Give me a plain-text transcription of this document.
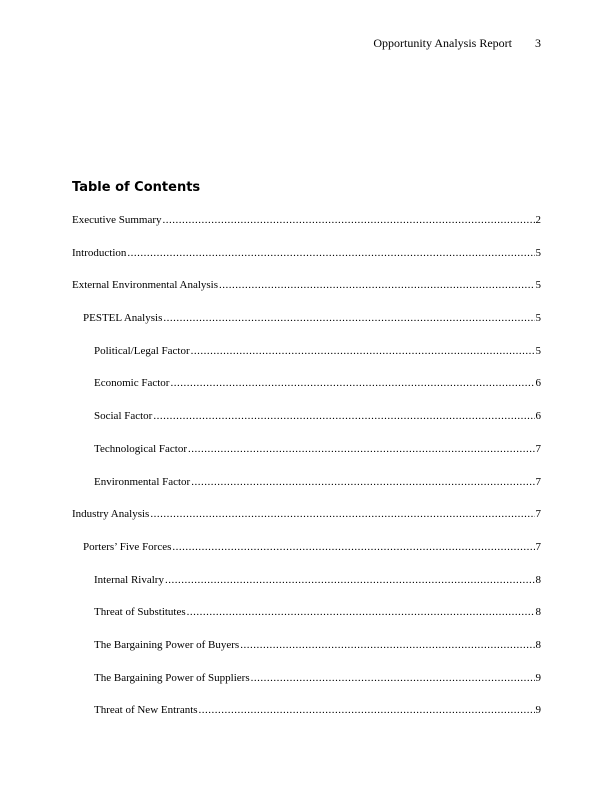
Opportunity Analysis Report 3
Table of Contents
Executive Summary .....	2
Introduction .....	5
External Environmental Analysis .....	5
PESTEL Analysis .....	5
Political/Legal Factor .....	5
Economic Factor .....	6
Social Factor .....	6
Technological Factor .....	7
Environmental Factor .....	7
Industry Analysis .....	7
Porters’ Five Forces .....	7
Internal Rivalry .....	8
Threat of Substitutes .....	8
The Bargaining Power of Buyers .....	8
The Bargaining Power of Suppliers .....	9
Threat of New Entrants .....	9
